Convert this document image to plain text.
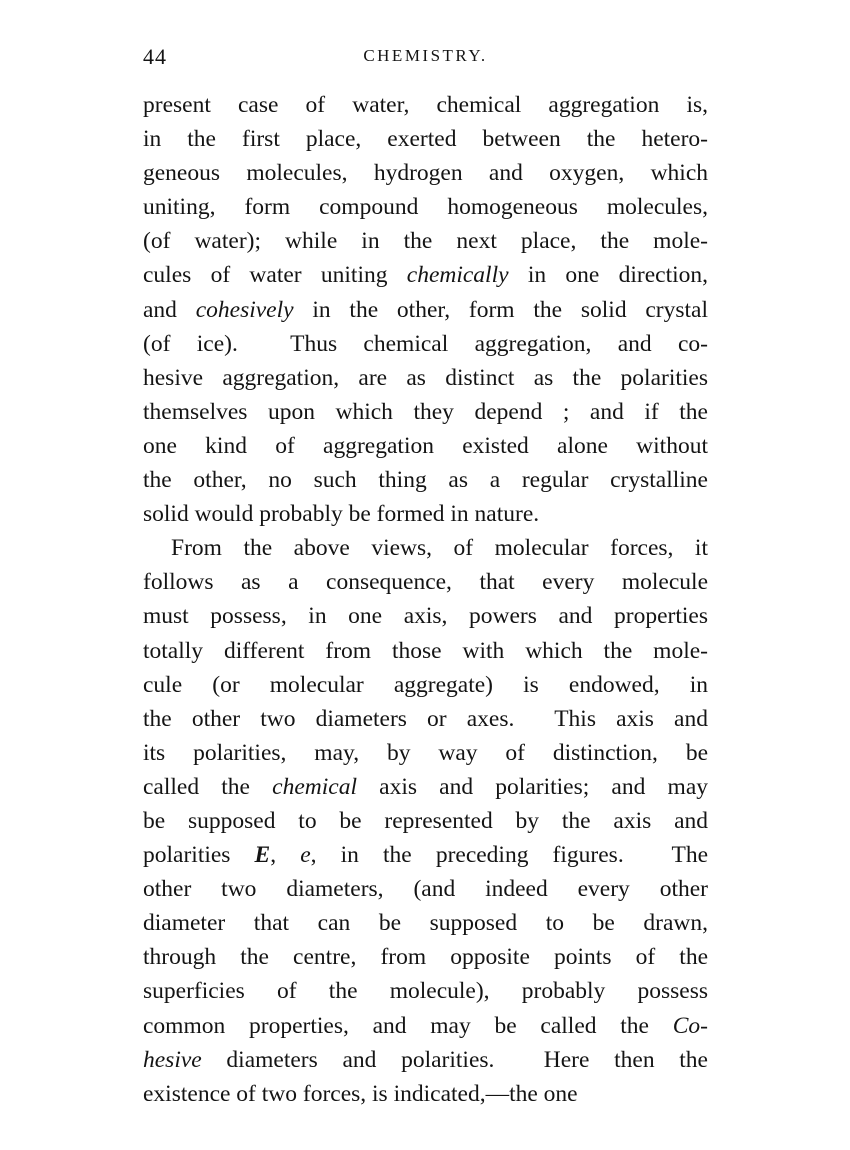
44	CHEMISTRY.
present case of water, chemical aggregation is,
in the first place, exerted between the hetero-
geneous molecules, hydrogen and oxygen, which
uniting, form compound homogeneous molecules,
(of water); while in the next place, the mole-
cules of water uniting chemically in one direction,
and cohesively in the other, form the solid crystal
(of ice).  Thus chemical aggregation, and co-
hesive aggregation, are as distinct as the polarities
themselves upon which they depend ; and if the
one kind of aggregation existed alone without
the other, no such thing as a regular crystalline
solid would probably be formed in nature.
From the above views, of molecular forces, it
follows as a consequence, that every molecule
must possess, in one axis, powers and properties
totally different from those with which the mole-
cule (or molecular aggregate) is endowed, in
the other two diameters or axes.  This axis and
its polarities, may, by way of distinction, be
called the chemical axis and polarities; and may
be supposed to be represented by the axis and
polarities E, e, in the preceding figures.  The
other two diameters, (and indeed every other
diameter that can be supposed to be drawn,
through the centre, from opposite points of the
superficies of the molecule), probably possess
common properties, and may be called the Co-
hesive diameters and polarities.  Here then the
existence of two forces, is indicated,—the one
